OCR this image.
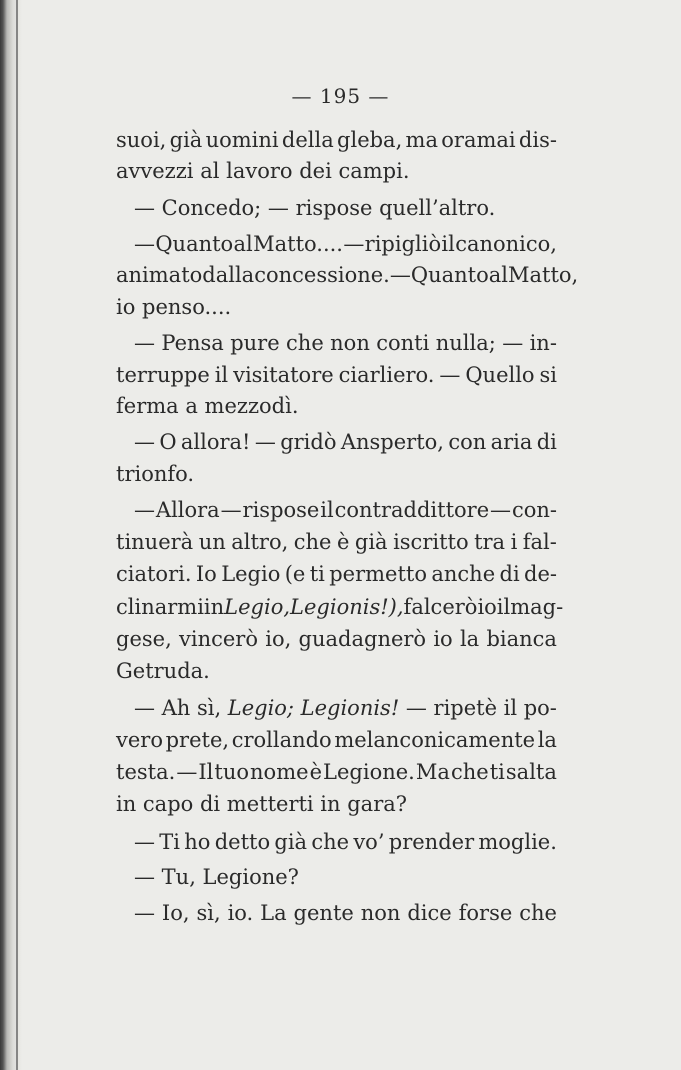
— 195 —
suoi, già uomini della gleba, ma oramai dis-
avvezzi al lavoro dei campi.
— Concedo; — rispose quell’altro.
— Quanto al Matto.... — ripigliò il canonico,
animato dalla concessione. — Quanto al Matto,
io penso....
— Pensa pure che non conti nulla; — in-
terruppe il visitatore ciarliero. — Quello si
ferma a mezzodì.
— O allora! — gridò Ansperto, con aria di
trionfo.
— Allora — rispose il contraddittore — con-
tinuerà un altro, che è già iscritto tra i fal-
ciatori. Io Legio (e ti permetto anche di de-
clinarmi in Legio, Legionis!), falcerò io il mag-
gese, vincerò io, guadagnerò io la bianca
Getruda.
— Ah sì, Legio; Legionis! — ripetè il po-
vero prete, crollando melanconicamente la
testa. — Il tuo nome è Legione. Ma che ti salta
in capo di metterti in gara?
— Ti ho detto già che vo’ prender moglie.
— Tu, Legione?
— Io, sì, io. La gente non dice forse che
